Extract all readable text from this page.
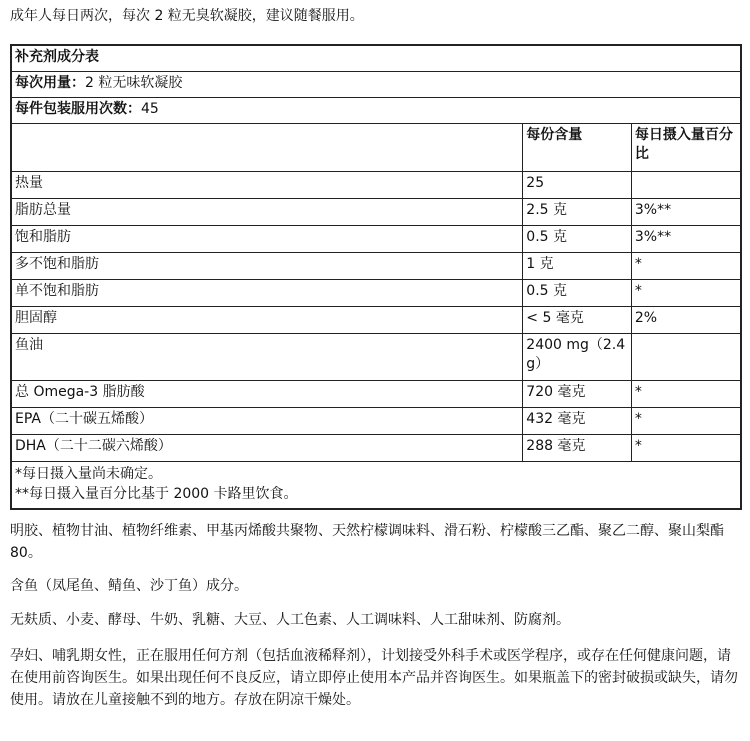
成年人每日两次，每次 2 粒无臭软凝胶，建议随餐服用。

补充剂成分表		
每次用量：2 粒无味软凝胶		
每件包装服用次数：45		
	每份含量	每日摄入量百分比
热量	25	
脂肪总量	2.5 克	3%**
饱和脂肪	0.5 克	3%**
多不饱和脂肪	1 克	*
单不饱和脂肪	0.5 克	*
胆固醇	< 5 毫克	2%
鱼油	2400 mg（2.4 g）	
总 Omega-3 脂肪酸	720 毫克	*
EPA（二十碳五烯酸）	432 毫克	*
DHA（二十二碳六烯酸）	288 毫克	*

*每日摄入量尚未确定。
**每日摄入量百分比基于 2000 卡路里饮食。		

明胶、植物甘油、植物纤维素、甲基丙烯酸共聚物、天然柠檬调味料、滑石粉、柠檬酸三乙酯、聚乙二醇、聚山梨酯 80。

含鱼（凤尾鱼、鲭鱼、沙丁鱼）成分。

无麸质、小麦、酵母、牛奶、乳糖、大豆、人工色素、人工调味料、人工甜味剂、防腐剂。

孕妇、哺乳期女性，正在服用任何方剂（包括血液稀释剂），计划接受外科手术或医学程序，或存在任何健康问题，请在使用前咨询医生。如果出现任何不良反应，请立即停止使用本产品并咨询医生。如果瓶盖下的密封破损或缺失，请勿使用。请放在儿童接触不到的地方。存放在阴凉干燥处。
